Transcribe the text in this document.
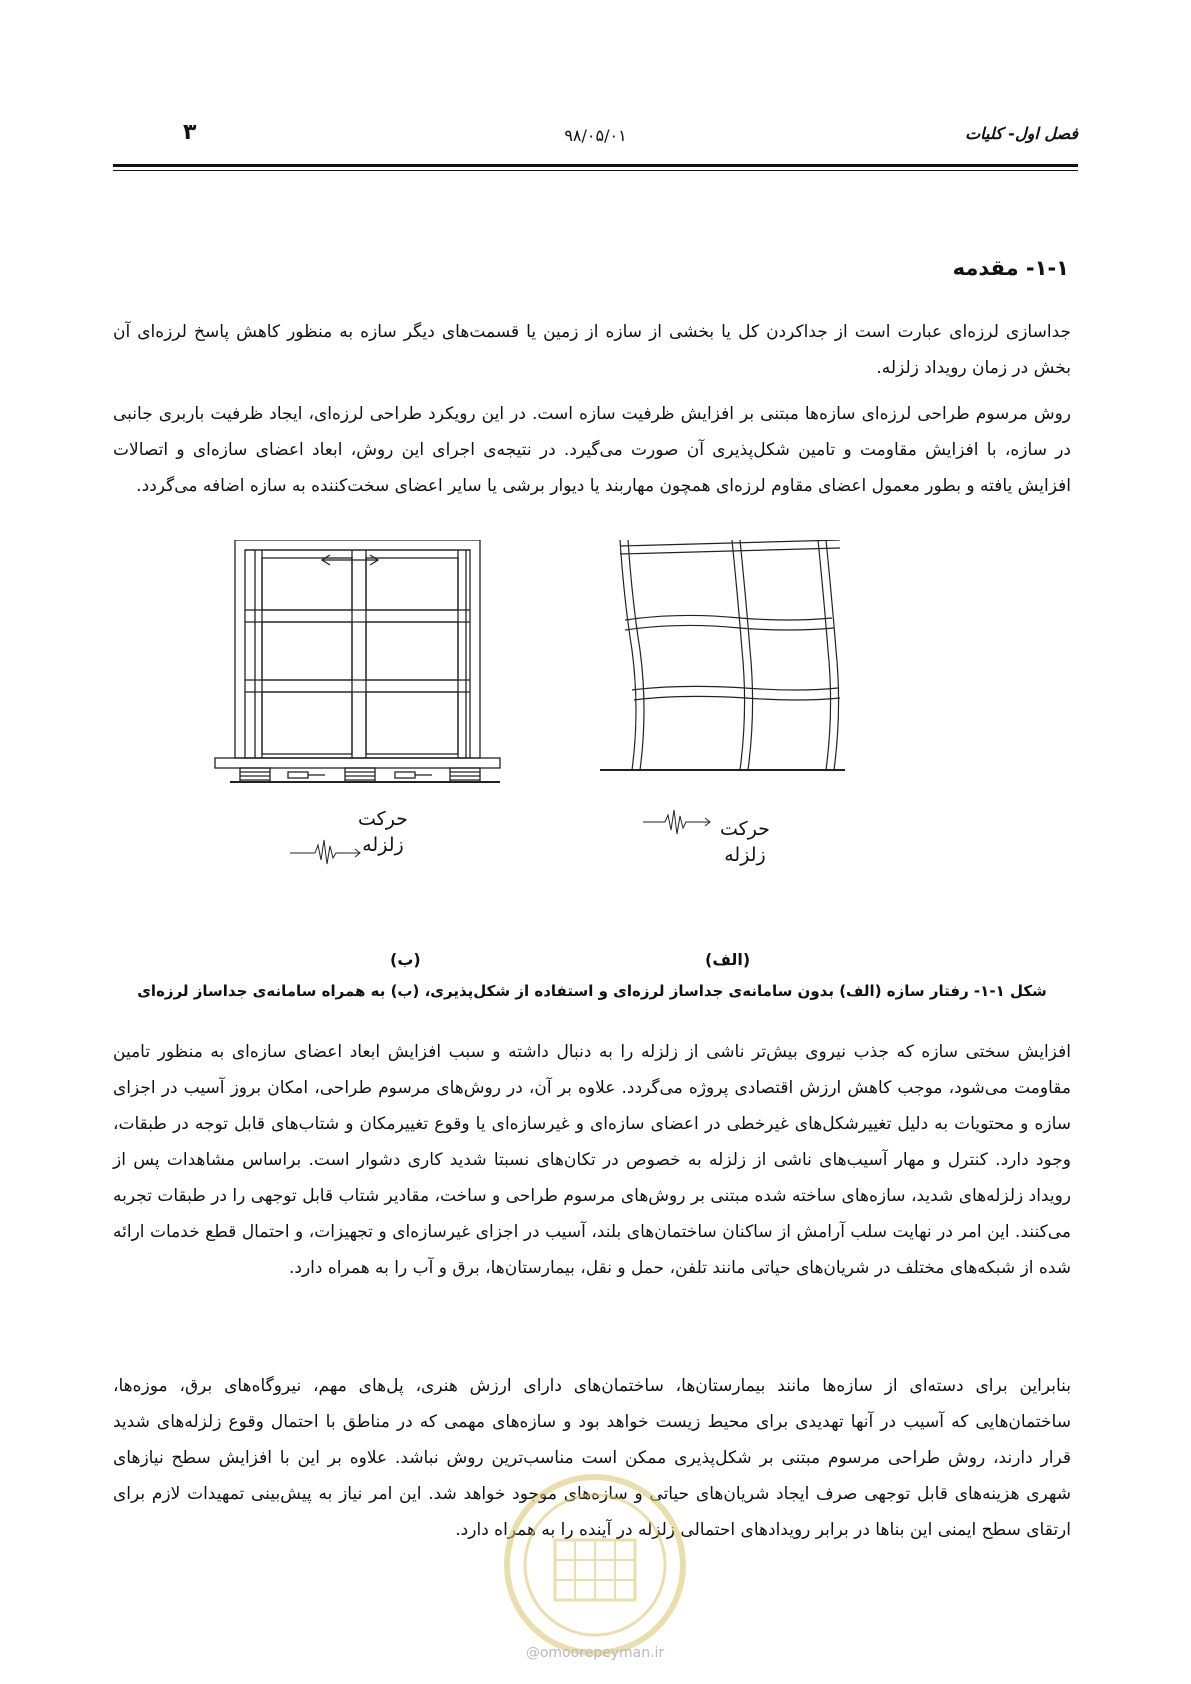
فصل اول- کلیات
۹۸/۰۵/۰۱
۳
۱-۱- مقدمه

جداسازی لرزه‌ای عبارت است از جداکردن کل یا بخشی از سازه از زمین یا قسمت‌های دیگر سازه به منظور کاهش پاسخ لرزه‌ای آن بخش در زمان رویداد زلزله.

روش مرسوم طراحی لرزه‌ای سازه‌ها مبتنی بر افزایش ظرفیت سازه است. در این رویکرد طراحی لرزه‌ای، ایجاد ظرفیت باربری جانبی در سازه، با افزایش مقاومت و تامین شکل‌پذیری آن صورت می‌گیرد. در نتیجه‌ی اجرای این روش، ابعاد اعضای سازه‌ای و اتصالات افزایش یافته و بطور معمول اعضای مقاوم لرزه‌ای همچون مهاربند یا دیوار برشی یا سایر اعضای سخت‌کننده به سازه اضافه می‌گردد.

حرکت
زلزله
حرکت
زلزله
(ب)	(الف)
شکل ۱-۱- رفتار سازه (الف) بدون سامانه‌ی جداساز لرزه‌ای و استفاده از شکل‌پذیری، (ب) به همراه سامانه‌ی جداساز لرزه‌ای

افزایش سختی سازه که جذب نیروی بیش‌تر ناشی از زلزله را به دنبال داشته و سبب افزایش ابعاد اعضای سازه‌ای به منظور تامین مقاومت می‌شود، موجب کاهش ارزش اقتصادی پروژه می‌گردد. علاوه بر آن، در روش‌های مرسوم طراحی، امکان بروز آسیب در اجزای سازه و محتویات به دلیل تغییرشکل‌های غیرخطی در اعضای سازه‌ای و غیرسازه‌ای یا وقوع تغییرمکان و شتاب‌های قابل توجه در طبقات، وجود دارد. کنترل و مهار آسیب‌های ناشی از زلزله به خصوص در تکان‌های نسبتا شدید کاری دشوار است. براساس مشاهدات پس از رویداد زلزله‌های شدید، سازه‌های ساخته شده مبتنی بر روش‌های مرسوم طراحی و ساخت، مقادیر شتاب قابل توجهی را در طبقات تجربه می‌کنند. این امر در نهایت سلب آرامش از ساکنان ساختمان‌های بلند، آسیب در اجزای غیرسازه‌ای و تجهیزات، و احتمال قطع خدمات ارائه شده از شبکه‌های مختلف در شریان‌های حیاتی مانند تلفن، حمل و نقل، بیمارستان‌ها، برق و آب را به همراه دارد.

بنابراین برای دسته‌ای از سازه‌ها مانند بیمارستان‌ها، ساختمان‌های دارای ارزش هنری، پل‌های مهم، نیروگاه‌های برق، موزه‌ها، ساختمان‌هایی که آسیب در آنها تهدیدی برای محیط زیست خواهد بود و سازه‌های مهمی که در مناطق با احتمال وقوع زلزله‌های شدید قرار دارند، روش طراحی مرسوم مبتنی بر شکل‌پذیری ممکن است مناسب‌ترین روش نباشد. علاوه بر این با افزایش سطح نیازهای شهری هزینه‌های قابل توجهی صرف ایجاد شریان‌های حیاتی و سازه‌های موجود خواهد شد. این امر نیاز به پیش‌بینی تمهیدات لازم برای ارتقای سطح ایمنی این بناها در برابر رویدادهای احتمالی زلزله در آینده را به همراه دارد.

@omoorepeyman.ir
